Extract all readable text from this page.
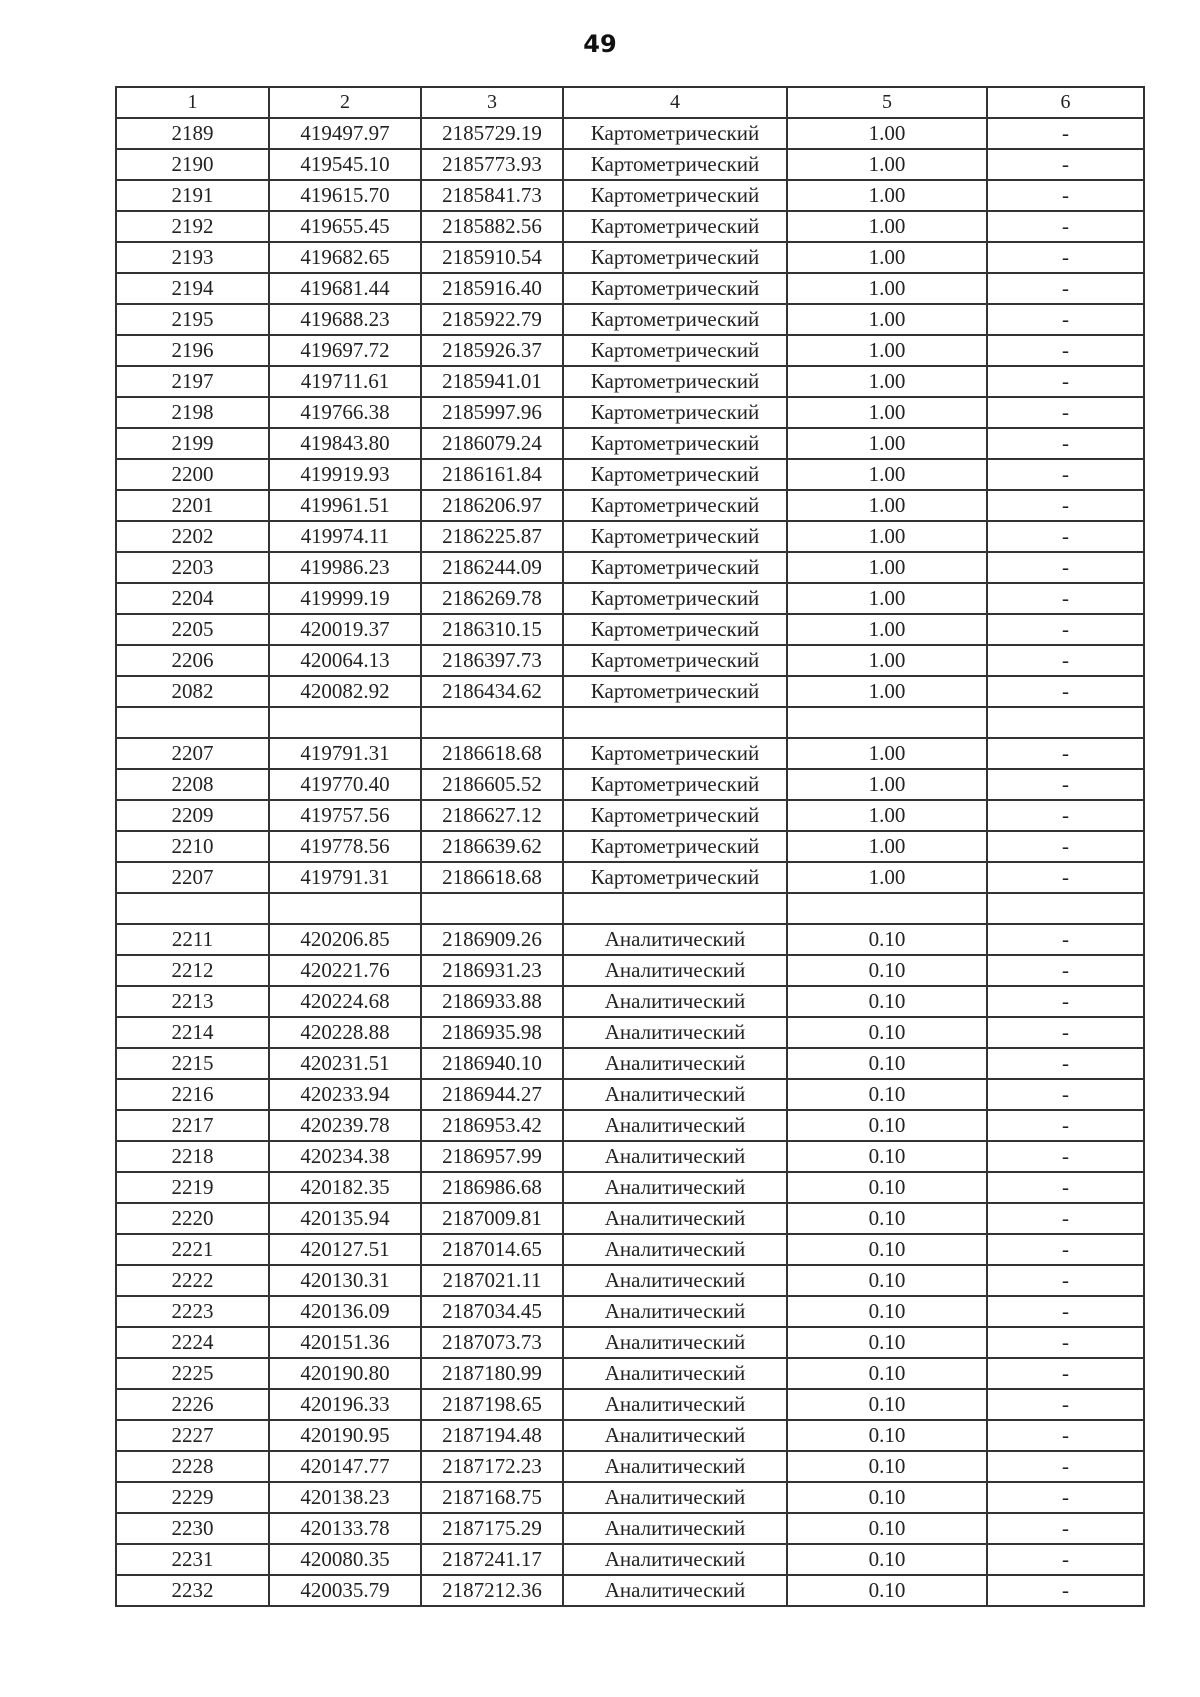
49
1	2	3	4	5	6
2189	419497.97	2185729.19	Картометрический	1.00	-
2190	419545.10	2185773.93	Картометрический	1.00	-
2191	419615.70	2185841.73	Картометрический	1.00	-
2192	419655.45	2185882.56	Картометрический	1.00	-
2193	419682.65	2185910.54	Картометрический	1.00	-
2194	419681.44	2185916.40	Картометрический	1.00	-
2195	419688.23	2185922.79	Картометрический	1.00	-
2196	419697.72	2185926.37	Картометрический	1.00	-
2197	419711.61	2185941.01	Картометрический	1.00	-
2198	419766.38	2185997.96	Картометрический	1.00	-
2199	419843.80	2186079.24	Картометрический	1.00	-
2200	419919.93	2186161.84	Картометрический	1.00	-
2201	419961.51	2186206.97	Картометрический	1.00	-
2202	419974.11	2186225.87	Картометрический	1.00	-
2203	419986.23	2186244.09	Картометрический	1.00	-
2204	419999.19	2186269.78	Картометрический	1.00	-
2205	420019.37	2186310.15	Картометрический	1.00	-
2206	420064.13	2186397.73	Картометрический	1.00	-
2082	420082.92	2186434.62	Картометрический	1.00	-

2207	419791.31	2186618.68	Картометрический	1.00	-
2208	419770.40	2186605.52	Картометрический	1.00	-
2209	419757.56	2186627.12	Картометрический	1.00	-
2210	419778.56	2186639.62	Картометрический	1.00	-
2207	419791.31	2186618.68	Картометрический	1.00	-

2211	420206.85	2186909.26	Аналитический	0.10	-
2212	420221.76	2186931.23	Аналитический	0.10	-
2213	420224.68	2186933.88	Аналитический	0.10	-
2214	420228.88	2186935.98	Аналитический	0.10	-
2215	420231.51	2186940.10	Аналитический	0.10	-
2216	420233.94	2186944.27	Аналитический	0.10	-
2217	420239.78	2186953.42	Аналитический	0.10	-
2218	420234.38	2186957.99	Аналитический	0.10	-
2219	420182.35	2186986.68	Аналитический	0.10	-
2220	420135.94	2187009.81	Аналитический	0.10	-
2221	420127.51	2187014.65	Аналитический	0.10	-
2222	420130.31	2187021.11	Аналитический	0.10	-
2223	420136.09	2187034.45	Аналитический	0.10	-
2224	420151.36	2187073.73	Аналитический	0.10	-
2225	420190.80	2187180.99	Аналитический	0.10	-
2226	420196.33	2187198.65	Аналитический	0.10	-
2227	420190.95	2187194.48	Аналитический	0.10	-
2228	420147.77	2187172.23	Аналитический	0.10	-
2229	420138.23	2187168.75	Аналитический	0.10	-
2230	420133.78	2187175.29	Аналитический	0.10	-
2231	420080.35	2187241.17	Аналитический	0.10	-
2232	420035.79	2187212.36	Аналитический	0.10	-
